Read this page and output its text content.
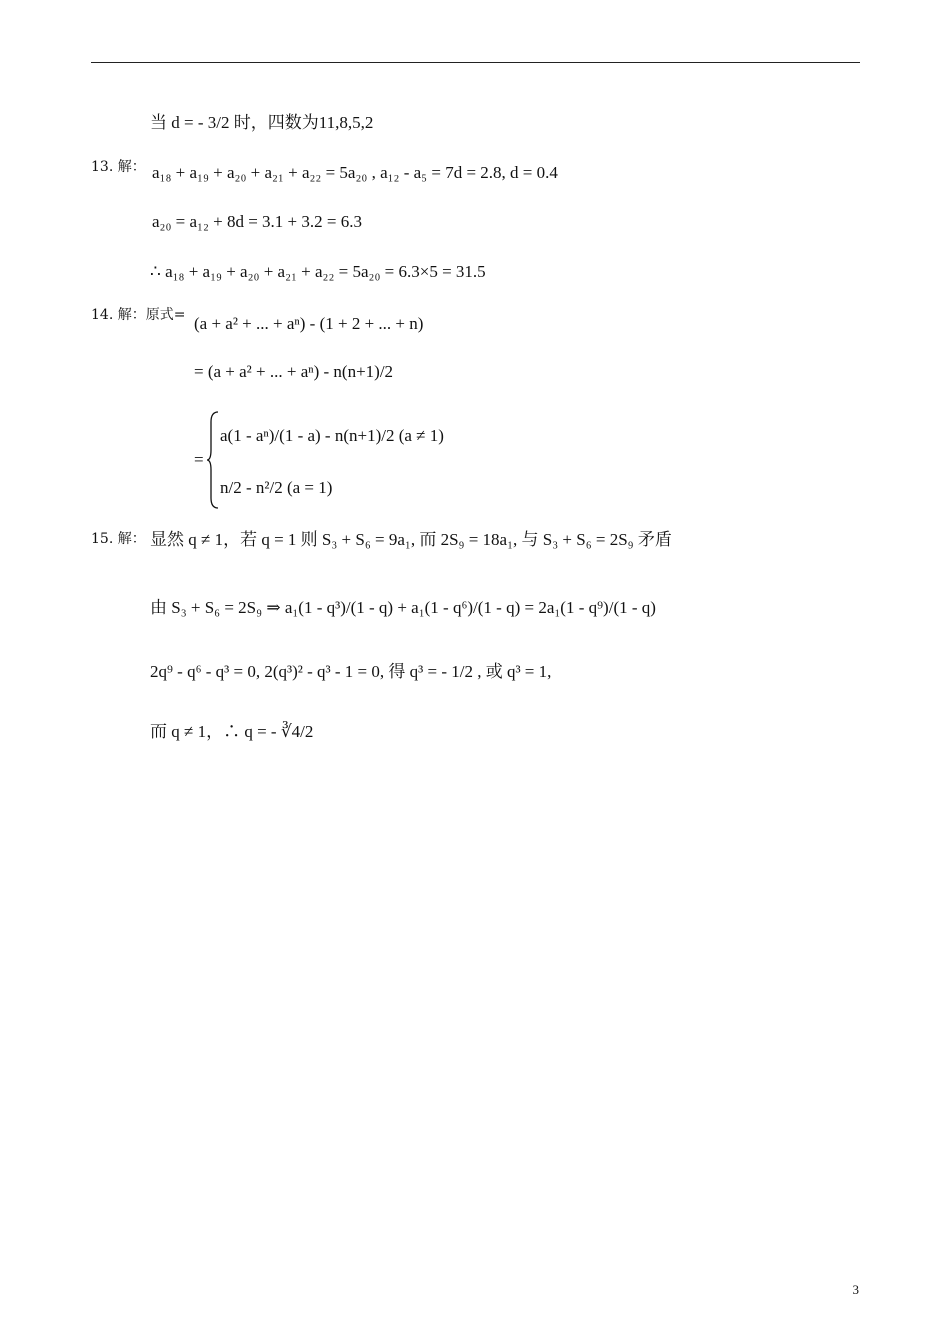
当 d = - 3/2 时，四数为11,8,5,2
13. 解： a₁₈ + a₁₉ + a₂₀ + a₂₁ + a₂₂ = 5a₂₀ , a₁₂ - a₅ = 7d = 2.8, d = 0.4
a₂₀ = a₁₂ + 8d = 3.1 + 3.2 = 6.3
∴ a₁₈ + a₁₉ + a₂₀ + a₂₁ + a₂₂ = 5a₂₀ = 6.3×5 = 31.5
14. 解：原式= (a + a² + ... + aⁿ) - (1 + 2 + ... + n)
= (a + a² + ... + aⁿ) - n(n+1)/2
=
a(1 - aⁿ)/(1 - a) - n(n+1)/2 (a ≠ 1)
n/2 - n²/2 (a = 1)
15. 解： 显然 q ≠ 1，若 q = 1 则 S₃ + S₆ = 9a₁, 而 2S₉ = 18a₁, 与 S₃ + S₆ = 2S₉ 矛盾
由 S₃ + S₆ = 2S₉ ⇒ a₁(1 - q³)/(1 - q) + a₁(1 - q⁶)/(1 - q) = 2a₁(1 - q⁹)/(1 - q)
2q⁹ - q⁶ - q³ = 0, 2(q³)² - q³ - 1 = 0, 得 q³ = - 1/2 , 或 q³ = 1,
而 q ≠ 1，∴ q = - ∛4/2
3
